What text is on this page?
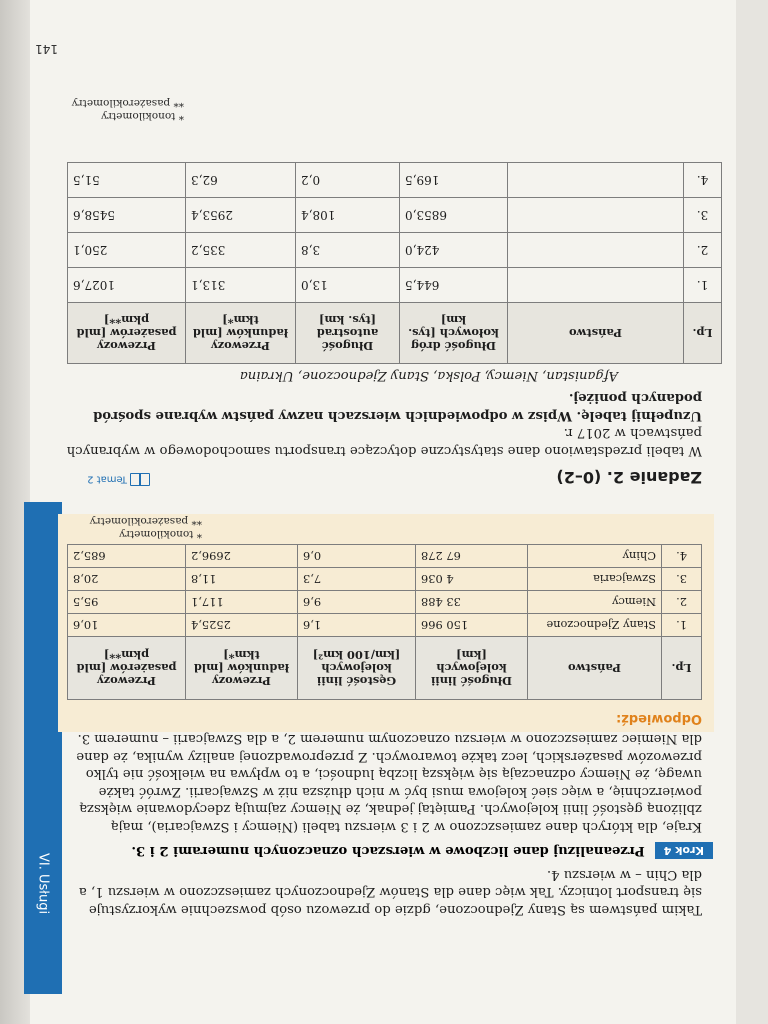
VI. Usługi
141
Takim państwem są Stany Zjednoczone, gdzie do przewozu osób powszechnie wykorzystuje się transport lotniczy. Tak więc dane dla Stanów Zjednoczonych zamieszczono w wierszu 1, a dla Chin – w wierszu 4.
Krok 4Przeanalizuj dane liczbowe w wierszach oznaczonych numerami 2 i 3.
Kraje, dla których dane zamieszczono w 2 i 3 wierszu tabeli (Niemcy i Szwajcaria), mają zbliżoną gęstość linii kolejowych. Pamiętaj jednak, że Niemcy zajmują zdecydowanie większą powierzchnię, a więc sieć kolejowa musi być w nich dłuższa niż w Szwajcarii. Zwróć także uwagę, że Niemcy odznaczają się większą liczbą ludności, a to wpływa na wielkość nie tylko przewozów pasażerskich, lecz także towarowych. Z przeprowadzonej analizy wynika, że dane dla Niemiec zamieszczono w wierszu oznaczonym numerem 2, a dla Szwajcarii – numerem 3.
Odpowiedź:
Lp.	Państwo	Długość linii kolejowych [km]	Gęstość linii kolejowych [km/100 km²]	Przewozy ładunków [mld tkm*]	Przewozy pasażerów [mld pkm**]
1.	Stany Zjednoczone	150 966	1,6	2525,4	10,6
2.	Niemcy	33 488	9,6	117,1	95,5
3.	Szwajcaria	4 036	7,3	11,8	20,8
4.	Chiny	67 278	0,6	2696,2	685,2
* tonokilometry
** pasażerokilometry
Zadanie 2. (0–2)
Temat 2
W tabeli przedstawiono dane statystyczne dotyczące transportu samochodowego w wybranych państwach w 2017 r.
Uzupełnij tabelę. Wpisz w odpowiednich wierszach nazwy państw wybrane spośród podanych poniżej.
Afganistan, Niemcy, Polska, Stany Zjednoczone, Ukraina
Lp.	Państwo	Długość dróg kołowych [tys. km]	Długość autostrad [tys. km]	Przewozy ładunków [mld tkm*]	Przewozy pasażerów [mld pkm**]
1.		644,5	13,0	313,1	1027,6
2.		424,0	3,8	335,2	250,1
3.		6853,0	108,4	2953,4	5458,6
4.		169,5	0,2	62,3	51,5
* tonokilometry
** pasażerokilometry
